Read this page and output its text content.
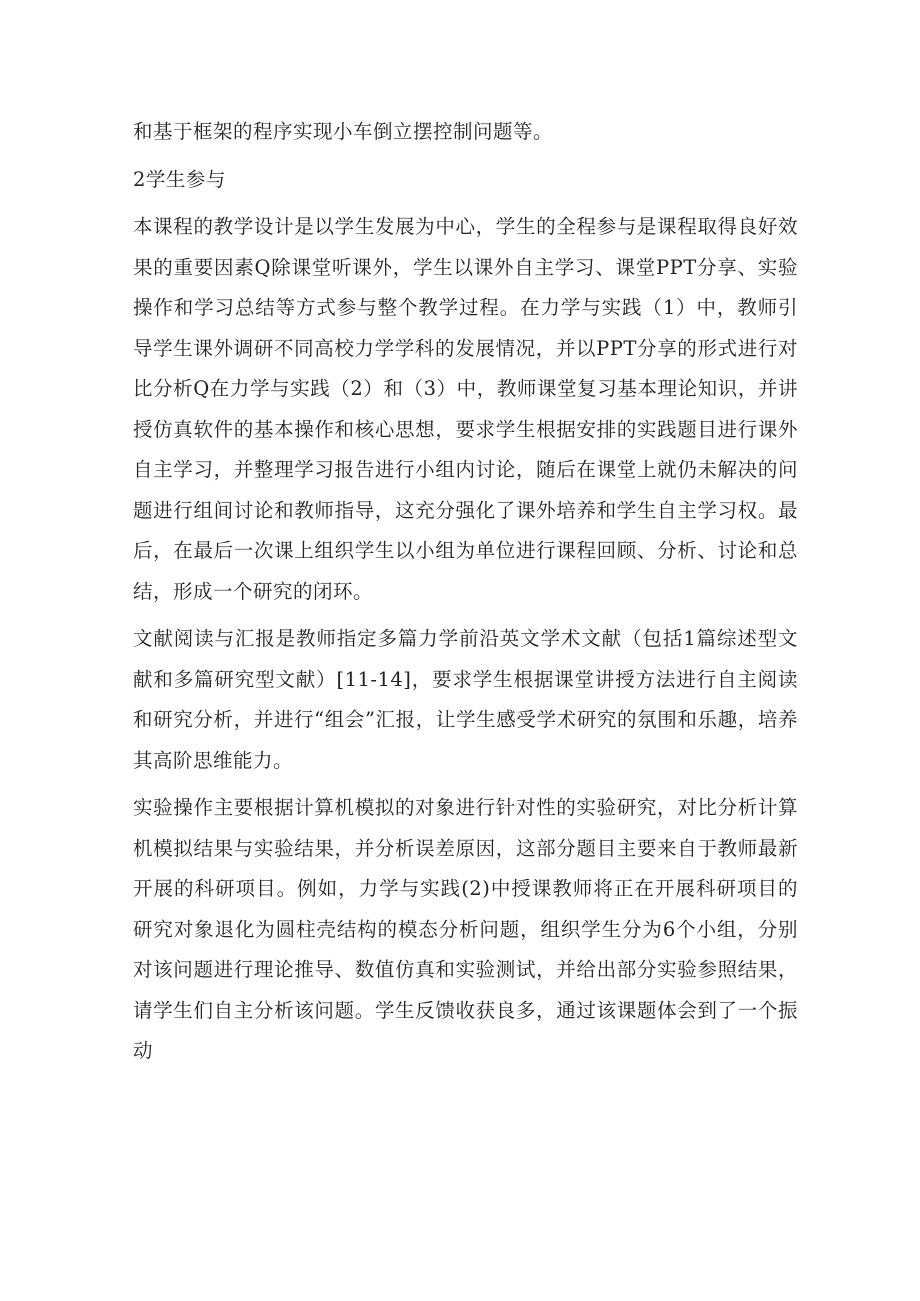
和基于框架的程序实现小车倒立摆控制问题等。

2学生参与

本课程的教学设计是以学生发展为中心，学生的全程参与是课程取得良好效果的重要因素Q除课堂听课外，学生以课外自主学习、课堂PPT分享、实验操作和学习总结等方式参与整个教学过程。在力学与实践（1）中，教师引导学生课外调研不同高校力学学科的发展情况，并以PPT分享的形式进行对比分析Q在力学与实践（2）和（3）中，教师课堂复习基本理论知识，并讲授仿真软件的基本操作和核心思想，要求学生根据安排的实践题目进行课外自主学习，并整理学习报告进行小组内讨论，随后在课堂上就仍未解决的问题进行组间讨论和教师指导，这充分强化了课外培养和学生自主学习权。最后，在最后一次课上组织学生以小组为单位进行课程回顾、分析、讨论和总结，形成一个研究的闭环。

文献阅读与汇报是教师指定多篇力学前沿英文学术文献（包括1篇综述型文献和多篇研究型文献）[11-14]，要求学生根据课堂讲授方法进行自主阅读和研究分析，并进行“组会”汇报，让学生感受学术研究的氛围和乐趣，培养其高阶思维能力。

实验操作主要根据计算机模拟的对象进行针对性的实验研究，对比分析计算机模拟结果与实验结果，并分析误差原因，这部分题目主要来自于教师最新开展的科研项目。例如，力学与实践(2)中授课教师将正在开展科研项目的研究对象退化为圆柱壳结构的模态分析问题，组织学生分为6个小组，分别对该问题进行理论推导、数值仿真和实验测试，并给出部分实验参照结果，请学生们自主分析该问题。学生反馈收获良多，通过该课题体会到了一个振动
